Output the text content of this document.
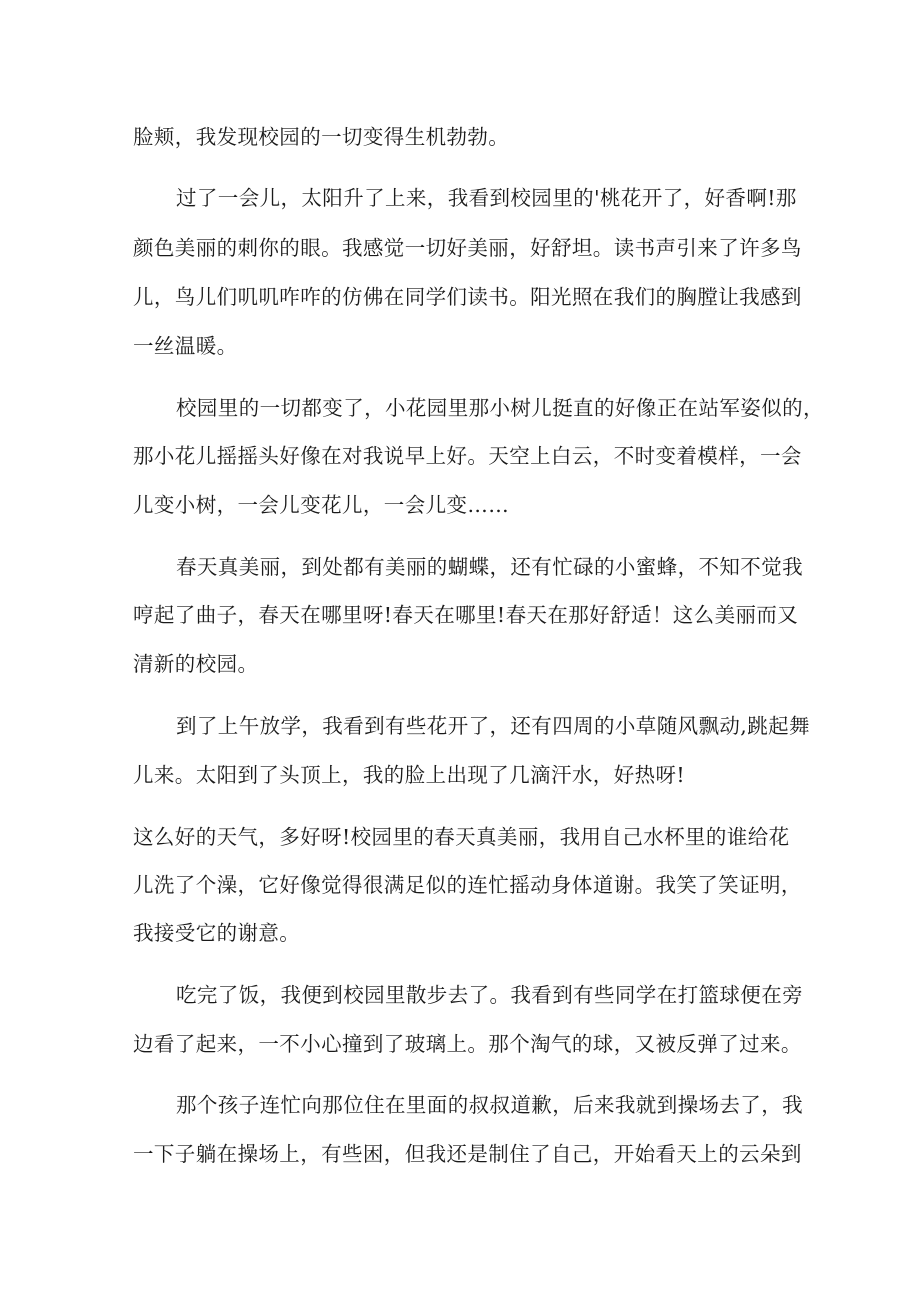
脸颊，我发现校园的一切变得生机勃勃。
过了一会儿，太阳升了上来，我看到校园里的'桃花开了，好香啊!那
颜色美丽的刺你的眼。我感觉一切好美丽，好舒坦。读书声引来了许多鸟
儿，鸟儿们叽叽咋咋的仿佛在同学们读书。阳光照在我们的胸膛让我感到
一丝温暖。
校园里的一切都变了，小花园里那小树儿挺直的好像正在站军姿似的，
那小花儿摇摇头好像在对我说早上好。天空上白云，不时变着模样，一会
儿变小树，一会儿变花儿，一会儿变……
春天真美丽，到处都有美丽的蝴蝶，还有忙碌的小蜜蜂，不知不觉我
哼起了曲子，春天在哪里呀!春天在哪里!春天在那好舒适！这么美丽而又
清新的校园。
到了上午放学，我看到有些花开了，还有四周的小草随风飘动,跳起舞
儿来。太阳到了头顶上，我的脸上出现了几滴汗水，好热呀!
这么好的天气，多好呀!校园里的春天真美丽，我用自己水杯里的谁给花
儿洗了个澡，它好像觉得很满足似的连忙摇动身体道谢。我笑了笑证明，
我接受它的谢意。
吃完了饭，我便到校园里散步去了。我看到有些同学在打篮球便在旁
边看了起来，一不小心撞到了玻璃上。那个淘气的球，又被反弹了过来。
那个孩子连忙向那位住在里面的叔叔道歉，后来我就到操场去了，我
一下子躺在操场上，有些困，但我还是制住了自己，开始看天上的云朵到
